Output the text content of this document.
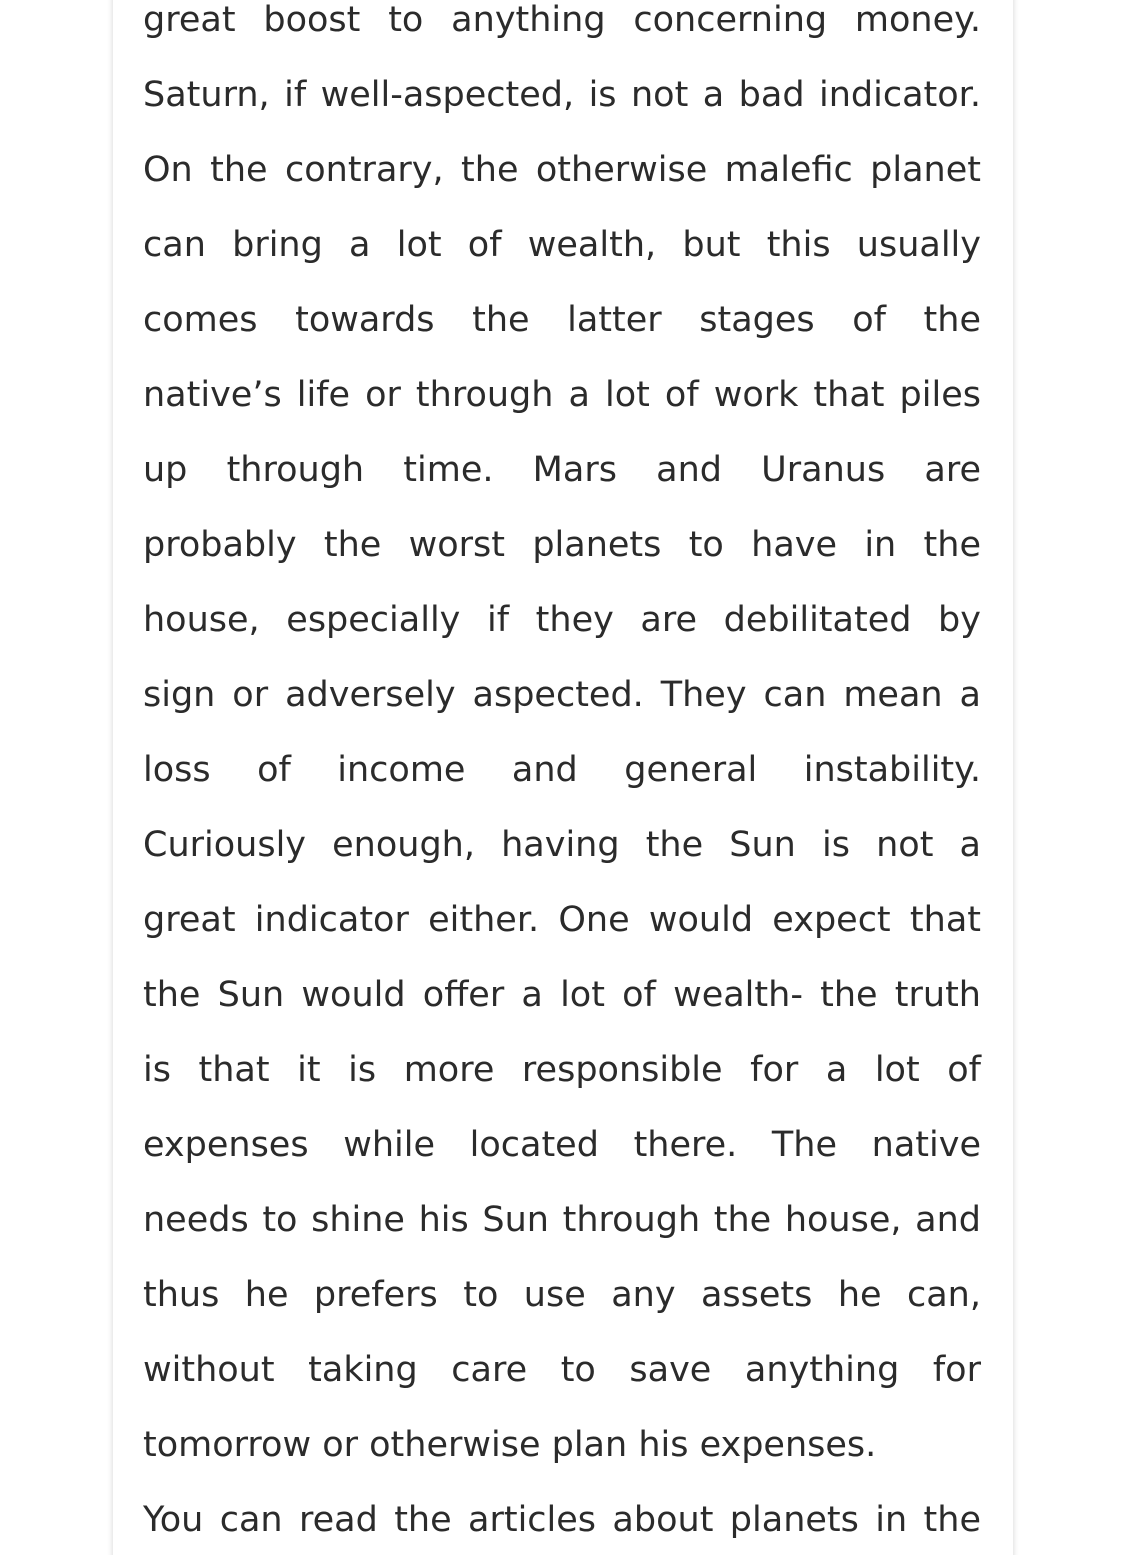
great boost to anything concerning money.
Saturn, if well-aspected, is not a bad indicator.
On the contrary, the otherwise malefic planet
can bring a lot of wealth, but this usually
comes towards the latter stages of the
native’s life or through a lot of work that piles
up through time. Mars and Uranus are
probably the worst planets to have in the
house, especially if they are debilitated by
sign or adversely aspected. They can mean a
loss of income and general instability.
Curiously enough, having the Sun is not a
great indicator either. One would expect that
the Sun would offer a lot of wealth- the truth
is that it is more responsible for a lot of
expenses while located there. The native
needs to shine his Sun through the house, and
thus he prefers to use any assets he can,
without taking care to save anything for
tomorrow or otherwise plan his expenses.
You can read the articles about planets in the
